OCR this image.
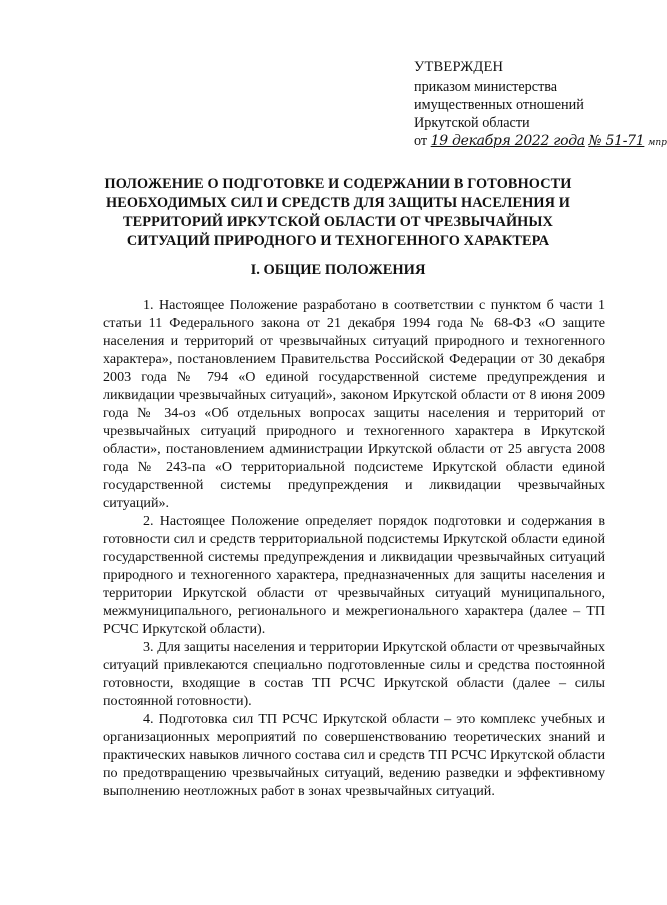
УТВЕРЖДЕН
приказом министерства
имущественных отношений
Иркутской области
от 19 декабря 2022 года № 51-71 мпр
ПОЛОЖЕНИЕ О ПОДГОТОВКЕ И СОДЕРЖАНИИ В ГОТОВНОСТИ НЕОБХОДИМЫХ СИЛ И СРЕДСТВ ДЛЯ ЗАЩИТЫ НАСЕЛЕНИЯ И ТЕРРИТОРИЙ ИРКУТСКОЙ ОБЛАСТИ ОТ ЧРЕЗВЫЧАЙНЫХ СИТУАЦИЙ ПРИРОДНОГО И ТЕХНОГЕННОГО ХАРАКТЕРА
I. ОБЩИЕ ПОЛОЖЕНИЯ

1. Настоящее Положение разработано в соответствии с пунктом б части 1 статьи 11 Федерального закона от 21 декабря 1994 года № 68-ФЗ «О защите населения и территорий от чрезвычайных ситуаций природного и техногенного характера», постановлением Правительства Российской Федерации от 30 декабря 2003 года № 794 «О единой государственной системе предупреждения и ликвидации чрезвычайных ситуаций», законом Иркутской области от 8 июня 2009 года № 34-оз «Об отдельных вопросах защиты населения и территорий от чрезвычайных ситуаций природного и техногенного характера в Иркутской области», постановлением администрации Иркутской области от 25 августа 2008 года № 243-па «О территориальной подсистеме Иркутской области единой государственной системы предупреждения и ликвидации чрезвычайных ситуаций».

2. Настоящее Положение определяет порядок подготовки и содержания в готовности сил и средств территориальной подсистемы Иркутской области единой государственной системы предупреждения и ликвидации чрезвычайных ситуаций природного и техногенного характера, предназначенных для защиты населения и территории Иркутской области от чрезвычайных ситуаций муниципального, межмуниципального, регионального и межрегионального характера (далее – ТП РСЧС Иркутской области).

3. Для защиты населения и территории Иркутской области от чрезвычайных ситуаций привлекаются специально подготовленные силы и средства постоянной готовности, входящие в состав ТП РСЧС Иркутской области (далее – силы постоянной готовности).

4. Подготовка сил ТП РСЧС Иркутской области – это комплекс учебных и организационных мероприятий по совершенствованию теоретических знаний и практических навыков личного состава сил и средств ТП РСЧС Иркутской области по предотвращению чрезвычайных ситуаций, ведению разведки и эффективному выполнению неотложных работ в зонах чрезвычайных ситуаций.
